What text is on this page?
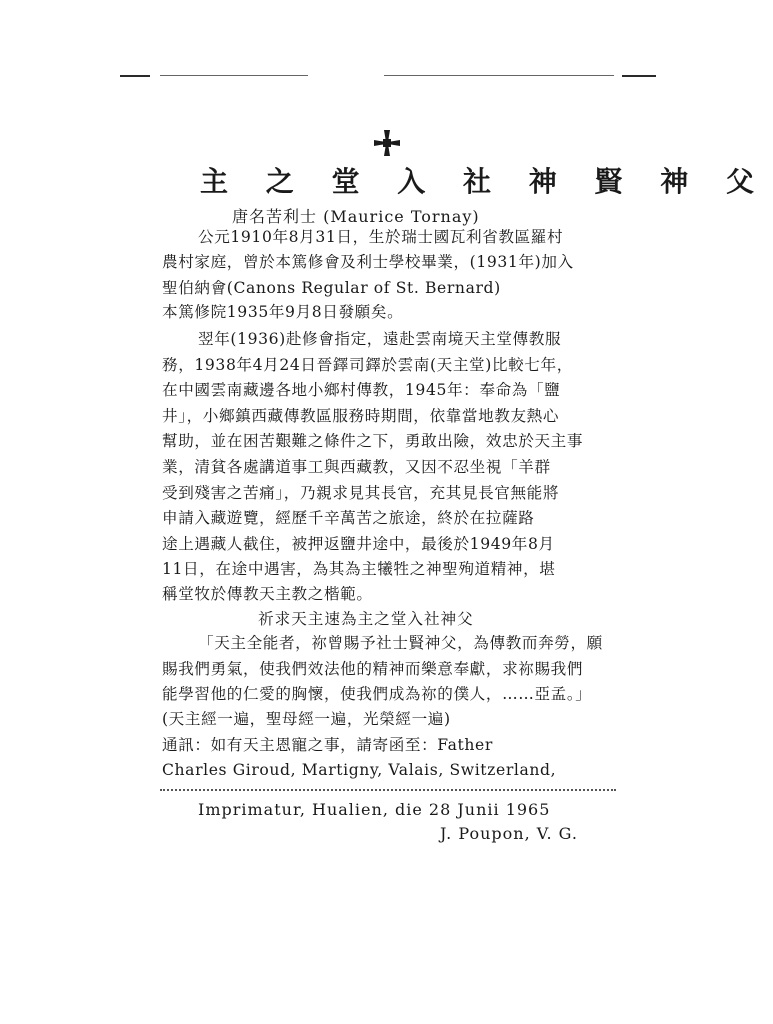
主 之 堂 入 社 神 賢 神 父
唐名苦利士 (Maurice Tornay)
公元1910年8月31日，生於瑞士國瓦利省教區羅村
農村家庭，曾於本篤修會及利士學校畢業，(1931年)加入
聖伯納會(Canons Regular of St. Bernard)
本篤修院1935年9月8日發願矣。
翌年(1936)赴修會指定，遠赴雲南境天主堂傳教服
務，1938年4月24日晉鐸司鐸於雲南(天主堂)比較七年，
在中國雲南藏邊各地小鄉村傳教，1945年：奉命為「鹽
井」，小鄉鎮西藏傳教區服務時期間，依靠當地教友熱心
幫助，並在困苦艱難之條件之下，勇敢出險，效忠於天主事
業，清貧各處講道事工與西藏教，又因不忍坐視「羊群
受到殘害之苦痛」，乃親求見其長官，充其見長官無能將
申請入藏遊覽，經歷千辛萬苦之旅途，終於在拉薩路
途上遇藏人截住，被押返鹽井途中，最後於1949年8月
11日，在途中遇害，為其為主犧牲之神聖殉道精神，堪
稱堂牧於傳教天主教之楷範。
祈求天主速為主之堂入社神父
「天主全能者，祢曾賜予社士賢神父，為傳教而奔勞，願
賜我們勇氣，使我們效法他的精神而樂意奉獻，求祢賜我們
能學習他的仁愛的胸懷，使我們成為祢的僕人，……亞孟。」
(天主經一遍，聖母經一遍，光榮經一遍)
通訊：如有天主恩寵之事，請寄函至：Father
Charles Giroud, Martigny, Valais, Switzerland,
Imprimatur, Hualien, die 28 Junii 1965
J. Poupon, V. G.
